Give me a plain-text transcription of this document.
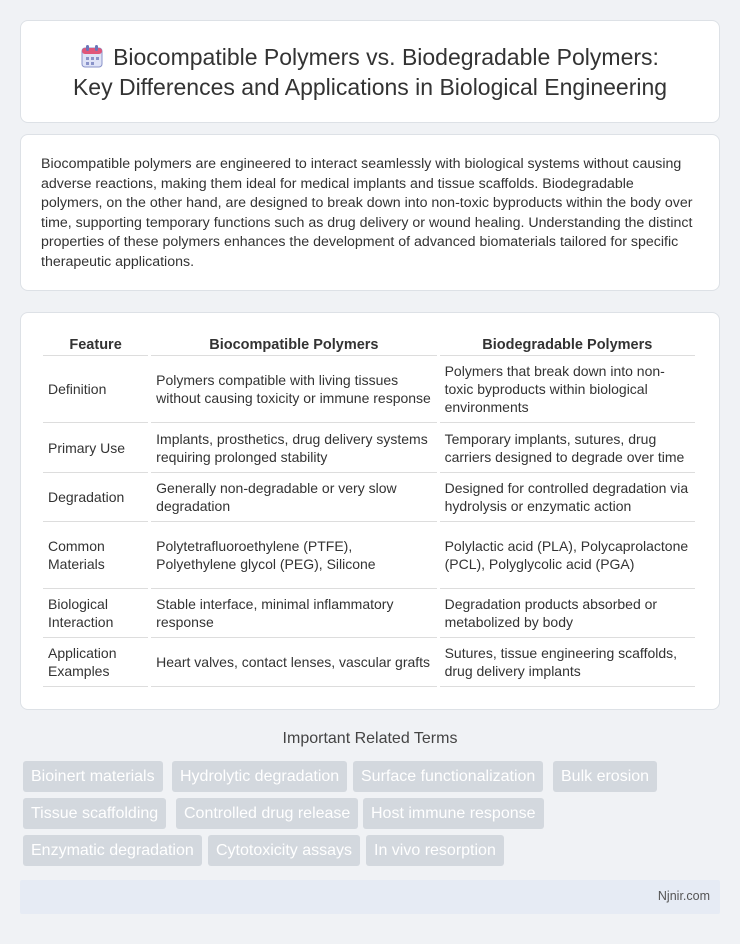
Biocompatible Polymers vs. Biodegradable Polymers:
Key Differences and Applications in Biological Engineering

Biocompatible polymers are engineered to interact seamlessly with biological systems without causing adverse reactions, making them ideal for medical implants and tissue scaffolds. Biodegradable polymers, on the other hand, are designed to break down into non-toxic byproducts within the body over time, supporting temporary functions such as drug delivery or wound healing. Understanding the distinct properties of these polymers enhances the development of advanced biomaterials tailored for specific therapeutic applications.

Feature	Biocompatible Polymers	Biodegradable Polymers
Definition	Polymers compatible with living tissues without causing toxicity or immune response	Polymers that break down into non-toxic byproducts within biological environments
Primary Use	Implants, prosthetics, drug delivery systems requiring prolonged stability	Temporary implants, sutures, drug carriers designed to degrade over time
Degradation	Generally non-degradable or very slow degradation	Designed for controlled degradation via hydrolysis or enzymatic action
Common Materials	Polytetrafluoroethylene (PTFE), Polyethylene glycol (PEG), Silicone	Polylactic acid (PLA), Polycaprolactone (PCL), Polyglycolic acid (PGA)
Biological Interaction	Stable interface, minimal inflammatory response	Degradation products absorbed or metabolized by body
Application Examples	Heart valves, contact lenses, vascular grafts	Sutures, tissue engineering scaffolds, drug delivery implants
Important Related Terms
Bioinert materials	Hydrolytic degradation	Surface functionalization	Bulk erosion
Tissue scaffolding	Controlled drug release	Host immune response
Enzymatic degradation	Cytotoxicity assays	In vivo resorption
Njnir.com
